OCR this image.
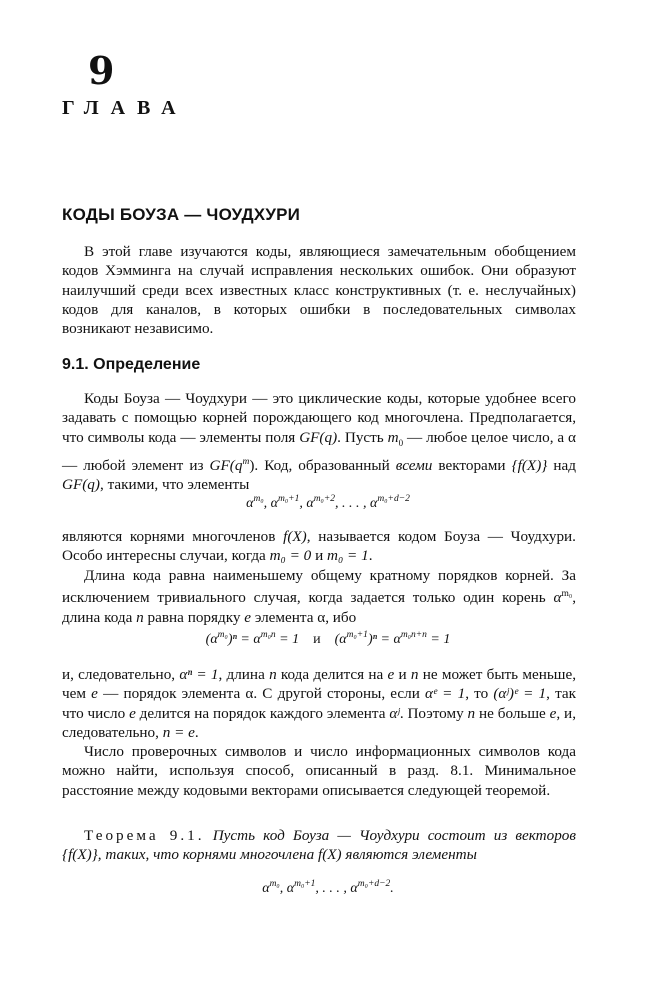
9
ГЛАВА
КОДЫ БОУЗА — ЧОУДХУРИ
В этой главе изучаются коды, являющиеся замечательным обобщением кодов Хэмминга на случай исправления нескольких ошибок. Они образуют наилучший среди всех известных класс конструктивных (т. е. неслучайных) кодов для каналов, в которых ошибки в последовательных символах возникают независимо.
9.1. Определение
Коды Боуза — Чоудхури — это циклические коды, которые удобнее всего задавать с помощью корней порождающего код многочлена. Предполагается, что символы кода — элементы поля GF(q). Пусть $m_0$ — любое целое число, а α — любой элемент из $GF(q^m)$. Код, образованный всеми векторами {f(X)} над GF(q), такими, что элементы
$\alpha^{m_0}$, $\alpha^{m_0+1}$, $\alpha^{m_0+2}$, . . . , $\alpha^{m_0+d-2}$
являются корнями многочленов f(X), называется кодом Боуза — Чоудхури. Особо интересны случаи, когда m₀ = 0 и m₀ = 1.
Длина кода равна наименьшему общему кратному порядков корней. За исключением тривиального случая, когда задается только один корень $\alpha^{m_0}$, длина кода n равна порядку e элемента α, ибо
$(\alpha^{m_0})^n = \alpha^{m_0n} = 1$ и $(\alpha^{m_0+1})^n = \alpha^{m_0n+n} = 1$
и, следовательно, αⁿ = 1, длина n кода делится на e и n не может быть меньше, чем e — порядок элемента α. С другой стороны, если αᵉ = 1, то (αʲ)ᵉ = 1, так что число e делится на порядок каждого элемента αʲ. Поэтому n не больше e, и, следовательно, n = e.
Число проверочных символов и число информационных символов кода можно найти, используя способ, описанный в разд. 8.1. Минимальное расстояние между кодовыми векторами описывается следующей теоремой.
Теорема 9.1. Пусть код Боуза — Чоудхури состоит из векторов {f(X)}, таких, что корнями многочлена f(X) являются элементы
$\alpha^{m_0}$, $\alpha^{m_0+1}$, . . . , $\alpha^{m_0+d-2}$.
